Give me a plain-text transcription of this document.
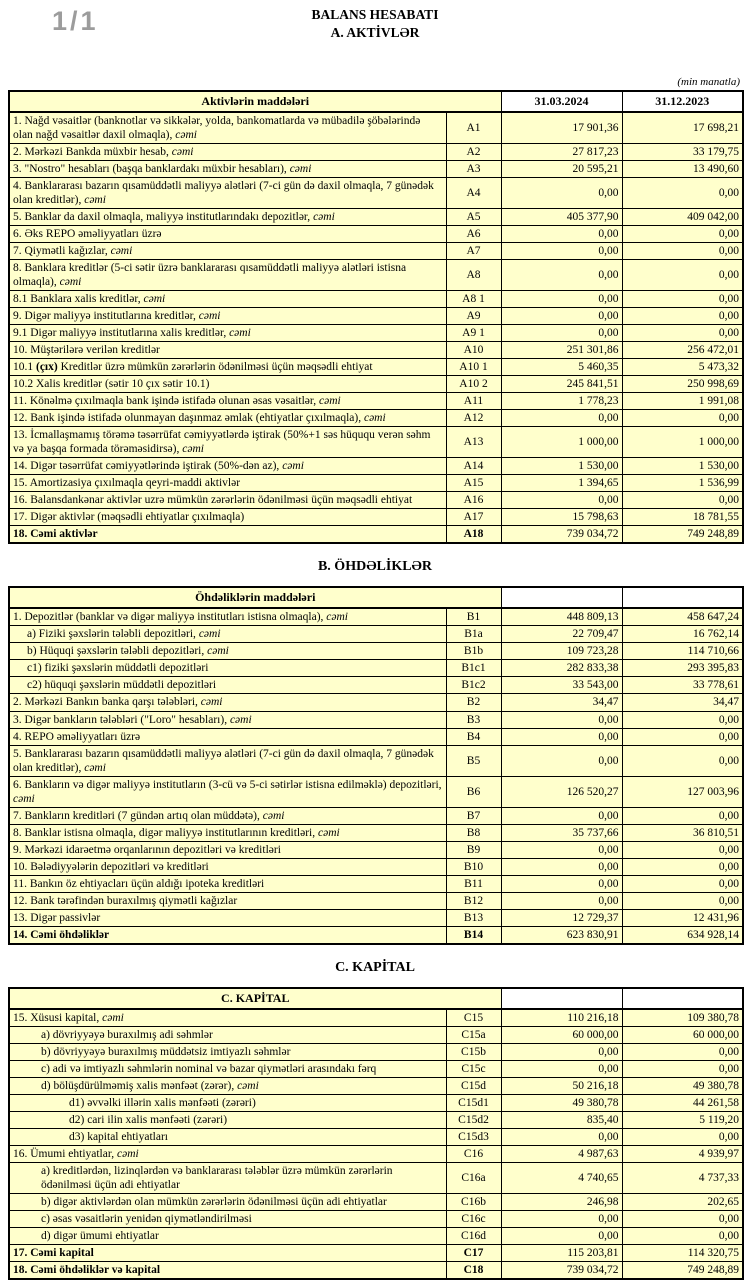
1/1	BALANS HESABATI
A. AKTİVLƏR
(min manatla)
Aktivlərin maddələri		31.03.2024	31.12.2023
1. Nağd vəsaitlər (banknotlar və sikkələr, yolda, bankomatlarda və mübadilə şöbələrində olan nağd vəsaitlər daxil olmaqla), cəmi	A1	17 901,36	17 698,21
2. Mərkəzi Bankda müxbir hesab, cəmi	A2	27 817,23	33 179,75
3. "Nostro" hesabları (başqa banklardakı müxbir hesabları), cəmi	A3	20 595,21	13 490,60
4. Banklararası bazarın qısamüddətli maliyyə alətləri (7-ci gün də daxil olmaqla, 7 günədək olan kreditlər), cəmi	A4	0,00	0,00
5. Banklar da daxil olmaqla, maliyyə institutlarındakı depozitlər, cəmi	A5	405 377,90	409 042,00
6. Əks REPO əməliyyatları üzrə	A6	0,00	0,00
7. Qiymətli kağızlar, cəmi	A7	0,00	0,00
8. Banklara kreditlər (5-ci sətir üzrə banklararası qısamüddətli maliyyə alətləri istisna olmaqla), cəmi	A8	0,00	0,00
8.1 Banklara xalis kreditlər, cəmi	A8 1	0,00	0,00
9. Digər maliyyə institutlarına kreditlər, cəmi	A9	0,00	0,00
9.1 Digər maliyyə institutlarına xalis kreditlər, cəmi	A9 1	0,00	0,00
10. Müştərilərə verilən kreditlər	A10	251 301,86	256 472,01
10.1 (çıx) Kreditlər üzrə mümkün zərərlərin ödənilməsi üçün məqsədli ehtiyat	A10 1	5 460,35	5 473,32
10.2 Xalis kreditlər (sətir 10 çıx sətir 10.1)	A10 2	245 841,51	250 998,69
11. Könəlmə çıxılmaqla bank işində istifadə olunan əsas vəsaitlər, cəmi	A11	1 778,23	1 991,08
12. Bank işində istifadə olunmayan daşınmaz əmlak (ehtiyatlar çıxılmaqla), cəmi	A12	0,00	0,00
13. İcmallaşmamış törəmə təsərrüfat cəmiyyətlərdə iştirak (50%+1 səs hüququ verən səhm və ya başqa formada törəməsidirsə), cəmi	A13	1 000,00	1 000,00
14. Digər təsərrüfat cəmiyyətlərində iştirak (50%-dən az), cəmi	A14	1 530,00	1 530,00
15. Amortizasiya çıxılmaqla qeyri-maddi aktivlər	A15	1 394,65	1 536,99
16. Balansdankənar aktivlər uzrə mümkün zərərlərin ödənilməsi üçün məqsədli ehtiyat	A16	0,00	0,00
17. Digər aktivlər (məqsədli ehtiyatlar çıxılmaqla)	A17	15 798,63	18 781,55
18. Cəmi aktivlər	A18	739 034,72	749 248,89
B. ÖHDƏLİKLƏR
Öhdəliklərin maddələri			
1. Depozitlər (banklar və digər maliyyə institutları istisna olmaqla), cəmi	B1	448 809,13	458 647,24
a) Fiziki şəxslərin tələbli depozitləri, cəmi	B1a	22 709,47	16 762,14
b) Hüquqi şəxslərin tələbli depozitləri, cəmi	B1b	109 723,28	114 710,66
c1) fiziki şəxslərin müddətli depozitləri	B1c1	282 833,38	293 395,83
c2) hüquqi şəxslərin müddətli depozitləri	B1c2	33 543,00	33 778,61
2. Mərkəzi Bankın banka qarşı tələbləri, cəmi	B2	34,47	34,47
3. Digər bankların tələbləri ("Loro" hesabları), cəmi	B3	0,00	0,00
4. REPO əməliyyatları üzrə	B4	0,00	0,00
5. Banklararası bazarın qısamüddətli maliyyə alətləri (7-ci gün də daxil olmaqla, 7 günədək olan kreditlər), cəmi	B5	0,00	0,00
6. Bankların və digər maliyyə institutların (3-cü və 5-ci sətirlər istisna edilməklə) depozitləri, cəmi	B6	126 520,27	127 003,96
7. Bankların kreditləri (7 gündən artıq olan müddətə), cəmi	B7	0,00	0,00
8. Banklar istisna olmaqla, digər maliyyə institutlarının kreditləri, cəmi	B8	35 737,66	36 810,51
9. Mərkəzi idarəetmə orqanlarının depozitləri və kreditləri	B9	0,00	0,00
10. Bələdiyyələrin depozitləri və kreditləri	B10	0,00	0,00
11. Bankın öz ehtiyacları üçün aldığı ipoteka kreditləri	B11	0,00	0,00
12. Bank tərəfindən buraxılmış qiymətli kağızlar	B12	0,00	0,00
13. Digər passivlər	B13	12 729,37	12 431,96
14. Cəmi öhdəliklər	B14	623 830,91	634 928,14
C. KAPİTAL
C. KAPİTAL			
15. Xüsusi kapital, cəmi	C15	110 216,18	109 380,78
a) dövriyyəyə buraxılmış adi səhmlər	C15a	60 000,00	60 000,00
b) dövriyyəyə buraxılmış müddətsiz imtiyazlı səhmlər	C15b	0,00	0,00
c) adi və imtiyazlı səhmlərin nominal və bazar qiymətləri arasındakı fərq	C15c	0,00	0,00
d) bölüşdürülməmiş xalis mənfəət (zərər), cəmi	C15d	50 216,18	49 380,78
d1) əvvəlki illərin xalis mənfəəti (zərəri)	C15d1	49 380,78	44 261,58
d2) cari ilin xalis mənfəəti (zərəri)	C15d2	835,40	5 119,20
d3) kapital ehtiyatları	C15d3	0,00	0,00
16. Ümumi ehtiyatlar, cəmi	C16	4 987,63	4 939,97
a) kreditlərdən, lizinqlərdən və banklararası tələblər üzrə mümkün zərərlərin ödənilməsi üçün adi ehtiyatlar	C16a	4 740,65	4 737,33
b) digər aktivlərdən olan mümkün zərərlərin ödənilməsi üçün adi ehtiyatlar	C16b	246,98	202,65
c) əsas vəsaitlərin yenidən qiymətləndirilməsi	C16c	0,00	0,00
d) digər ümumi ehtiyatlar	C16d	0,00	0,00
17. Cəmi kapital	C17	115 203,81	114 320,75
18. Cəmi öhdəliklər və kapital	C18	739 034,72	749 248,89
